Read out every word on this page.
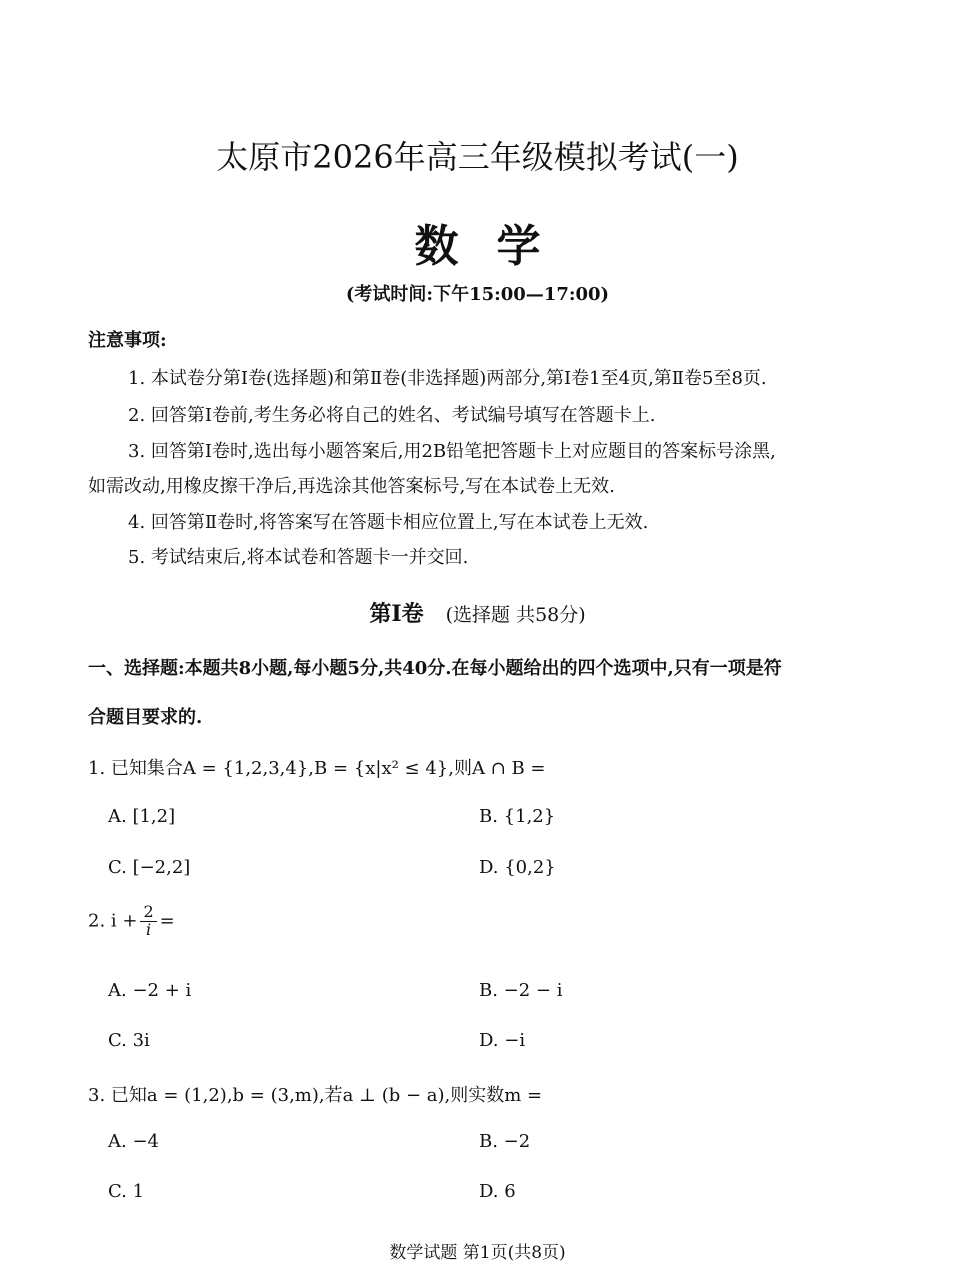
太原市2026年高三年级模拟考试(一)
数 学
(考试时间:下午15:00—17:00)
注意事项:
1. 本试卷分第Ⅰ卷(选择题)和第Ⅱ卷(非选择题)两部分,第Ⅰ卷1至4页,第Ⅱ卷5至8页.
2. 回答第Ⅰ卷前,考生务必将自己的姓名、考试编号填写在答题卡上.
3. 回答第Ⅰ卷时,选出每小题答案后,用2B铅笔把答题卡上对应题目的答案标号涂黑,
如需改动,用橡皮擦干净后,再选涂其他答案标号,写在本试卷上无效.
4. 回答第Ⅱ卷时,将答案写在答题卡相应位置上,写在本试卷上无效.
5. 考试结束后,将本试卷和答题卡一并交回.
第Ⅰ卷 (选择题 共58分)
一、选择题:本题共8小题,每小题5分,共40分.在每小题给出的四个选项中,只有一项是符
合题目要求的.
1. 已知集合A = {1,2,3,4},B = {x|x² ≤ 4},则A ∩ B =
A. [1,2]	B. {1,2}
C. [−2,2]	D. {0,2}
2. $i + \frac{2}{i}$ =
A. −2 + i	B. −2 − i
C. 3i	D. −i
3. 已知a = (1,2),b = (3,m),若a ⊥ (b − a),则实数m =
A. −4	B. −2
C. 1	D. 6
数学试题 第1页(共8页)
